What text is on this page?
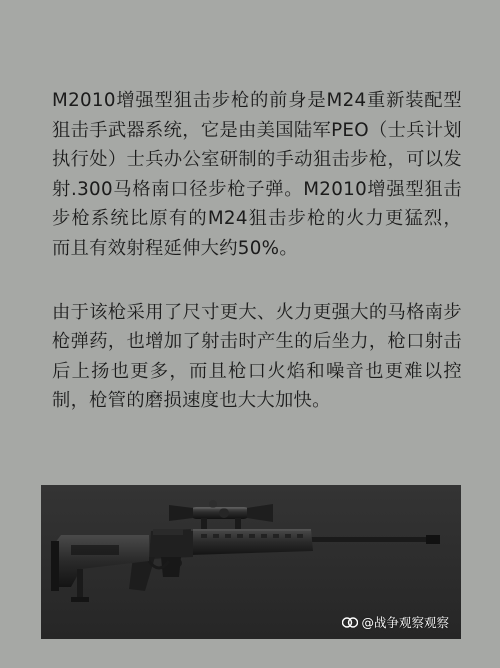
M2010增强型狙击步枪的前身是M24重新装配型狙击手武器系统，它是由美国陆军PEO（士兵计划执行处）士兵办公室研制的手动狙击步枪，可以发射.300马格南口径步枪子弹。M2010增强型狙击步枪系统比原有的M24狙击步枪的火力更猛烈，而且有效射程延伸大约50%。

由于该枪采用了尺寸更大、火力更强大的马格南步枪弹药，也增加了射击时产生的后坐力，枪口射击后上扬也更多，而且枪口火焰和噪音也更难以控制，枪管的磨损速度也大大加快。

@战争观察观察
